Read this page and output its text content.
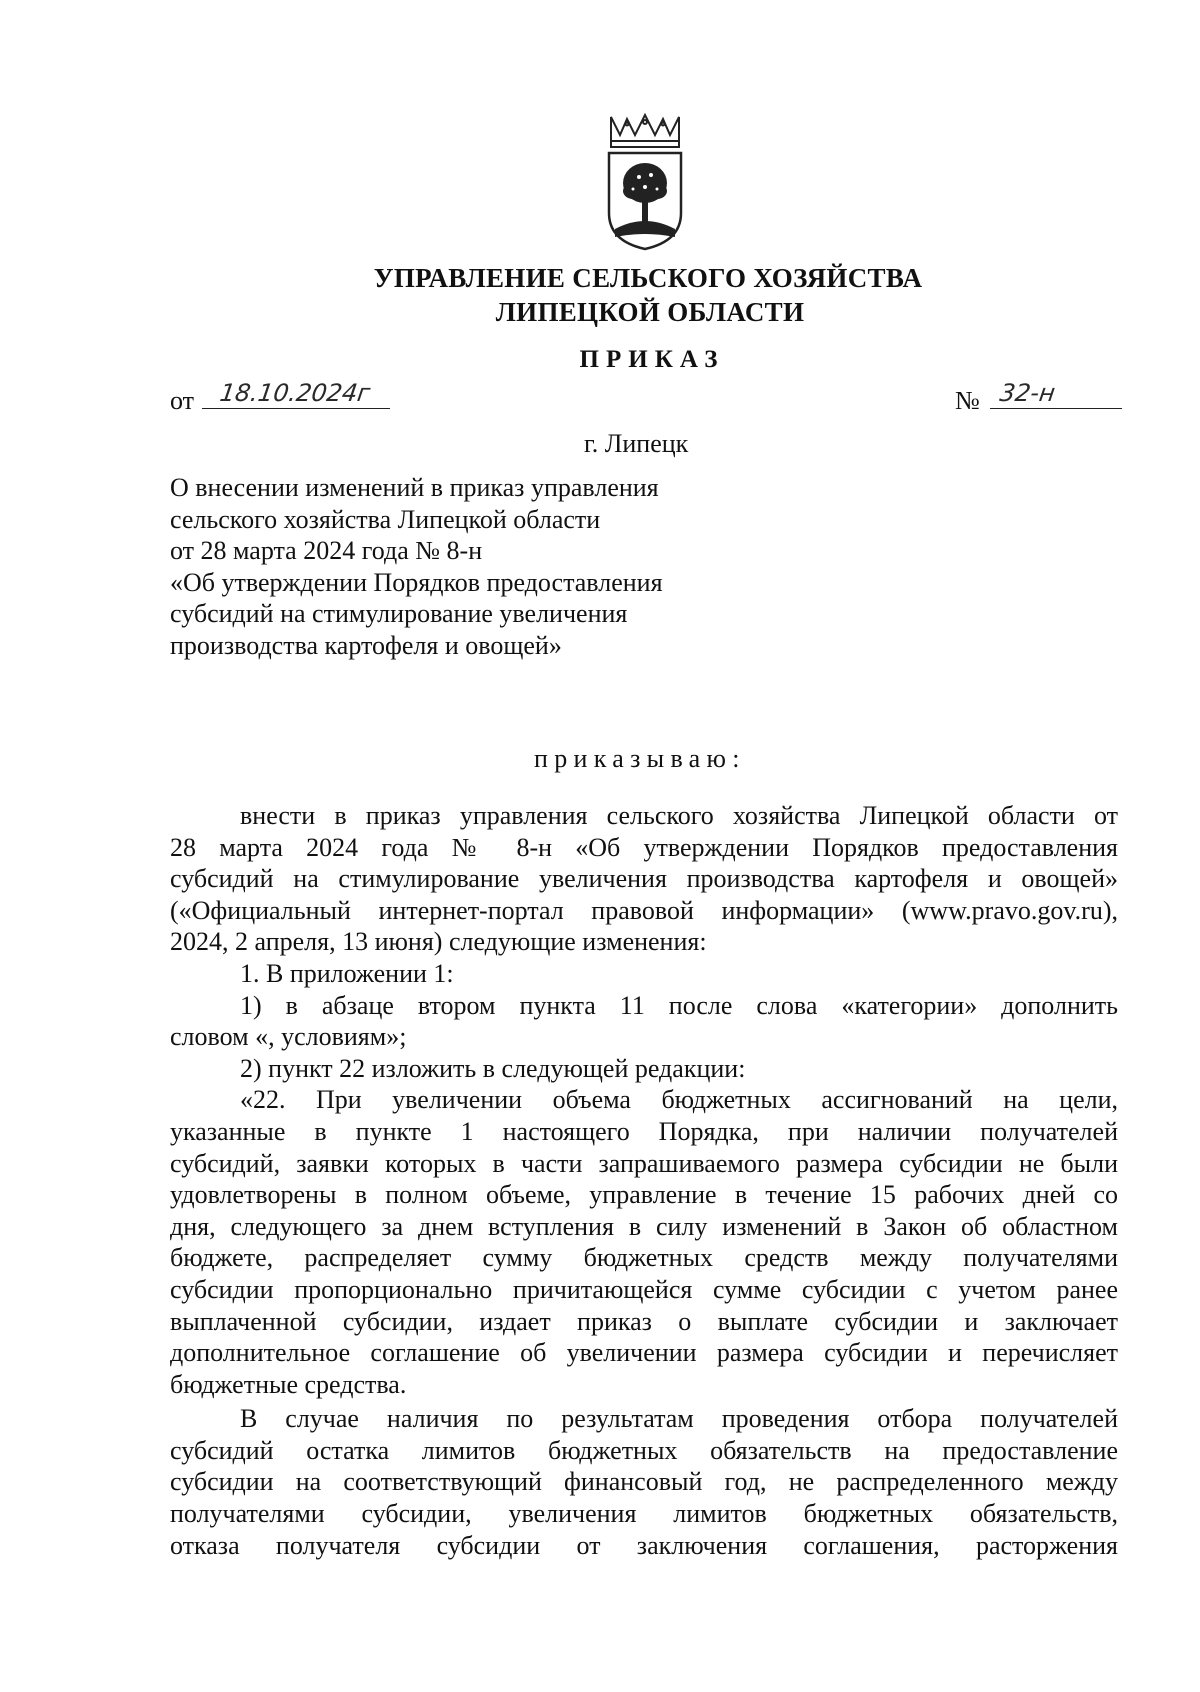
УПРАВЛЕНИЕ СЕЛЬСКОГО ХОЗЯЙСТВА
ЛИПЕЦКОЙ ОБЛАСТИ
ПРИКАЗ
от 18.10.2024г	№ 32-н
г. Липецк
О внесении изменений в приказ управления
сельского хозяйства Липецкой области
от 28 марта 2024 года № 8-н
«Об утверждении Порядков предоставления
субсидий на стимулирование увеличения
производства картофеля и овощей»
приказываю:
внести в приказ управления сельского хозяйства Липецкой области от
28 марта 2024 года № 8-н «Об утверждении Порядков предоставления
субсидий на стимулирование увеличения производства картофеля и овощей»
(«Официальный интернет-портал правовой информации» (www.pravo.gov.ru),
2024, 2 апреля, 13 июня) следующие изменения:
1. В приложении 1:
1) в абзаце втором пункта 11 после слова «категории» дополнить
словом «, условиям»;
2) пункт 22 изложить в следующей редакции:
«22. При увеличении объема бюджетных ассигнований на цели,
указанные в пункте 1 настоящего Порядка, при наличии получателей
субсидий, заявки которых в части запрашиваемого размера субсидии не были
удовлетворены в полном объеме, управление в течение 15 рабочих дней со
дня, следующего за днем вступления в силу изменений в Закон об областном
бюджете, распределяет сумму бюджетных средств между получателями
субсидии пропорционально причитающейся сумме субсидии с учетом ранее
выплаченной субсидии, издает приказ о выплате субсидии и заключает
дополнительное соглашение об увеличении размера субсидии и перечисляет
бюджетные средства.
В случае наличия по результатам проведения отбора получателей
субсидий остатка лимитов бюджетных обязательств на предоставление
субсидии на соответствующий финансовый год, не распределенного между
получателями субсидии, увеличения лимитов бюджетных обязательств,
отказа получателя субсидии от заключения соглашения, расторжения
